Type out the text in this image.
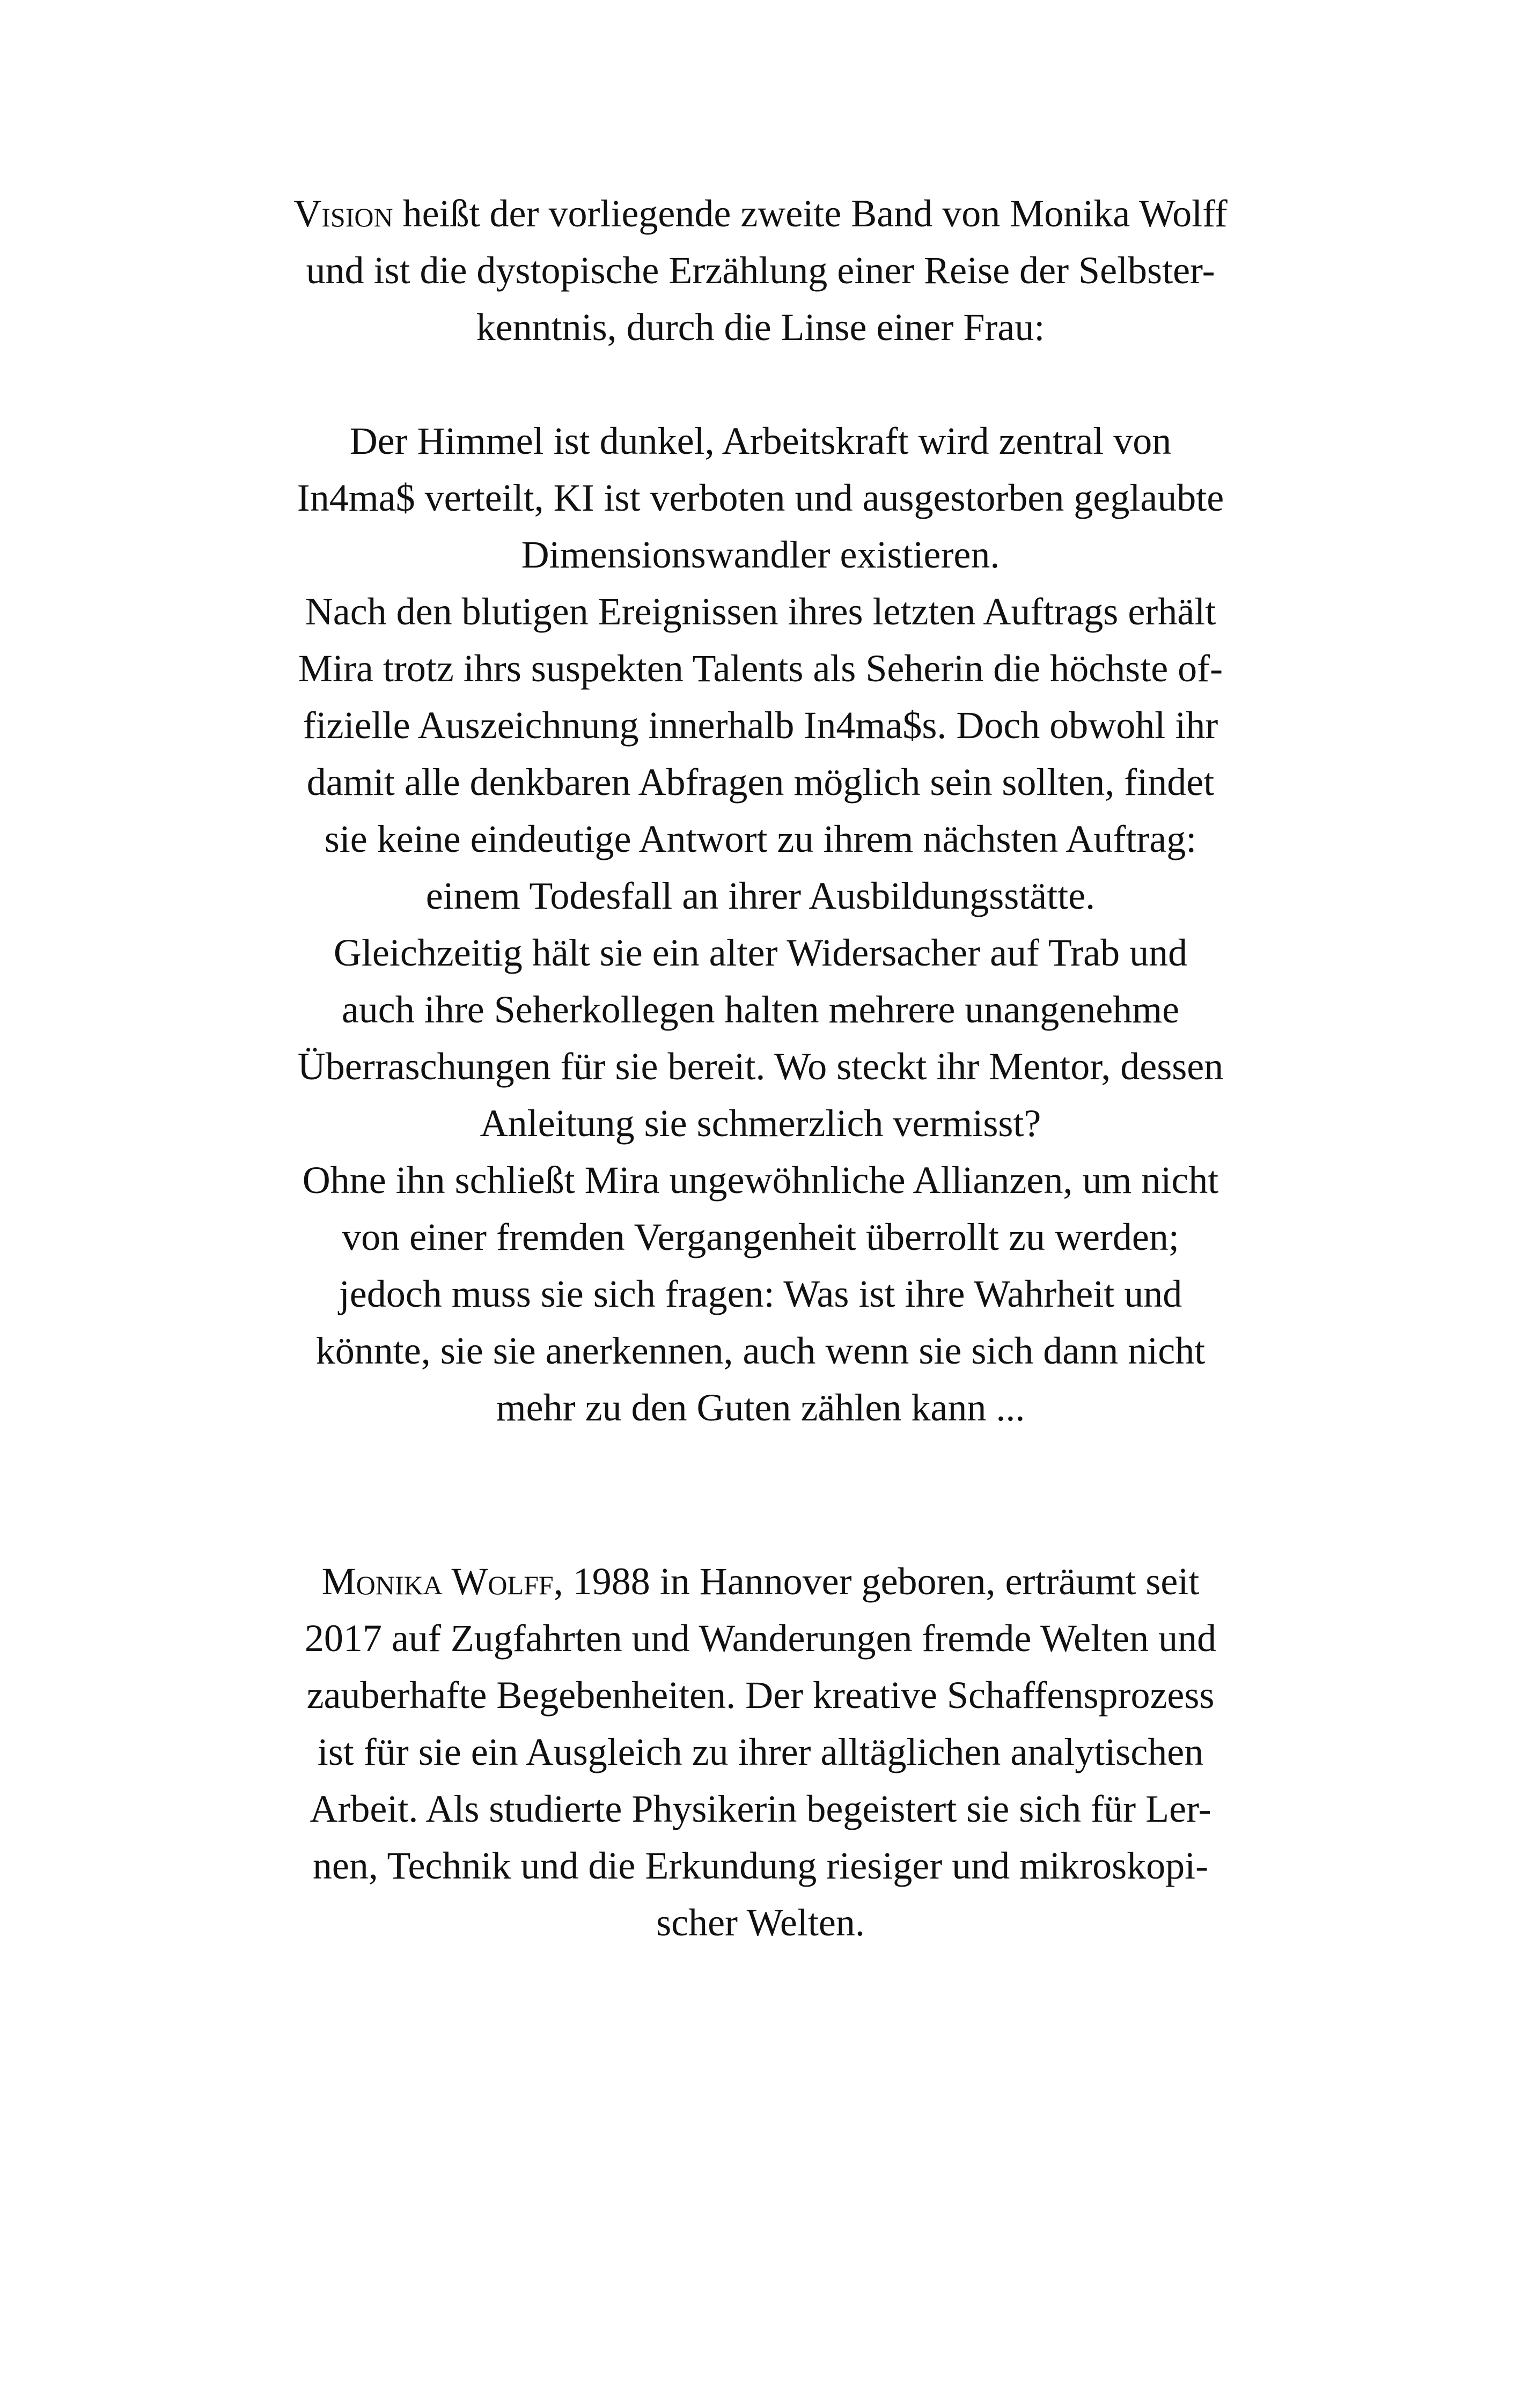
Vision heißt der vorliegende zweite Band von Monika Wolff
und ist die dystopische Erzählung einer Reise der Selbster-
kenntnis, durch die Linse einer Frau:
Der Himmel ist dunkel, Arbeitskraft wird zentral von
In4ma$ verteilt, KI ist verboten und ausgestorben geglaubte
Dimensionswandler existieren.
Nach den blutigen Ereignissen ihres letzten Auftrags erhält
Mira trotz ihrs suspekten Talents als Seherin die höchste of-
fizielle Auszeichnung innerhalb In4ma$s. Doch obwohl ihr
damit alle denkbaren Abfragen möglich sein sollten, findet
sie keine eindeutige Antwort zu ihrem nächsten Auftrag:
einem Todesfall an ihrer Ausbildungsstätte.
Gleichzeitig hält sie ein alter Widersacher auf Trab und
auch ihre Seherkollegen halten mehrere unangenehme
Überraschungen für sie bereit. Wo steckt ihr Mentor, dessen
Anleitung sie schmerzlich vermisst?
Ohne ihn schließt Mira ungewöhnliche Allianzen, um nicht
von einer fremden Vergangenheit überrollt zu werden;
jedoch muss sie sich fragen: Was ist ihre Wahrheit und
könnte, sie sie anerkennen, auch wenn sie sich dann nicht
mehr zu den Guten zählen kann ...
Monika Wolff, 1988 in Hannover geboren, erträumt seit
2017 auf Zugfahrten und Wanderungen fremde Welten und
zauberhafte Begebenheiten. Der kreative Schaffensprozess
ist für sie ein Ausgleich zu ihrer alltäglichen analytischen
Arbeit. Als studierte Physikerin begeistert sie sich für Ler-
nen, Technik und die Erkundung riesiger und mikroskopi-
scher Welten.
